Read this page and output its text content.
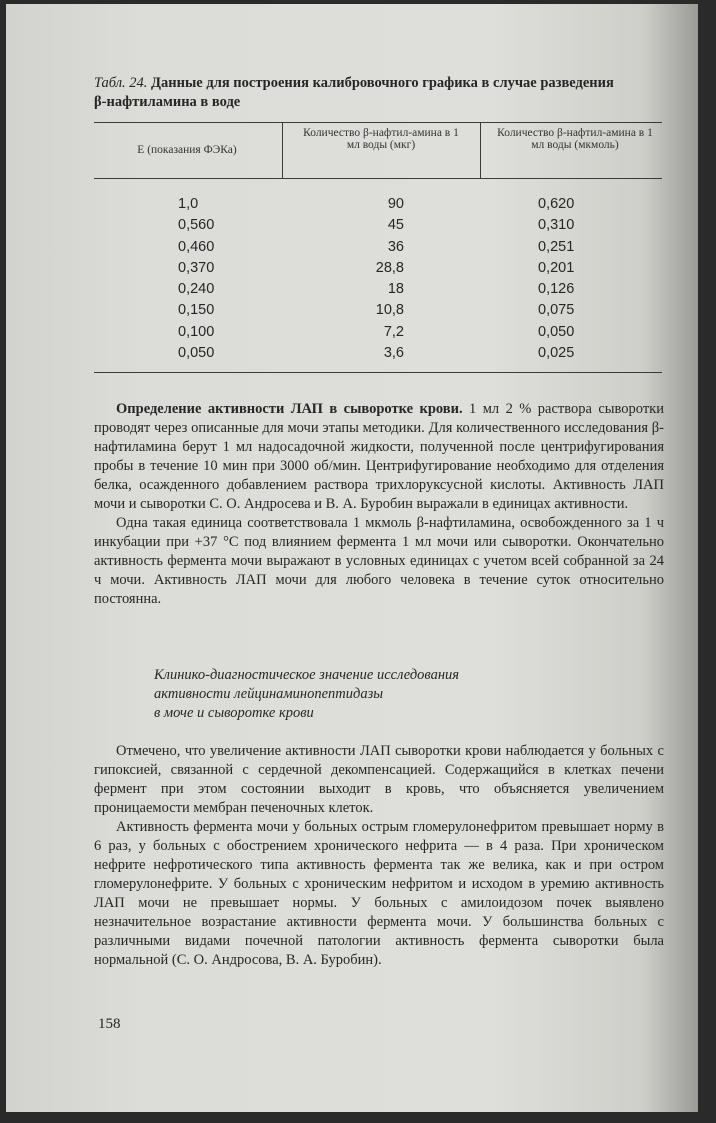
Табл. 24. Данные для построения калибровочного графика в случае разведения β-нафтиламина в воде
Е (показания ФЭКа)
Количество β-нафтил-амина в 1 мл воды (мкг)
Количество β-нафтил-амина в 1 мл воды (мкмоль)
1,0
0,560
0,460
0,370
0,240
0,150
0,100
0,050
90
45
36
28,8
18
10,8
7,2
3,6
0,620
0,310
0,251
0,201
0,126
0,075
0,050
0,025

Определение активности ЛАП в сыворотке крови. 1 мл 2 % раствора сыворотки проводят через описанные для мочи этапы методики. Для количественного исследования β-нафтиламина берут 1 мл надосадочной жидкости, полученной после центрифугирования пробы в течение 10 мин при 3000 об/мин. Центрифугирование необходимо для отделения белка, осажденного добавлением раствора трихлоруксусной кислоты. Активность ЛАП мочи и сыворотки С. О. Андросева и В. А. Буробин выражали в единицах активности.

Одна такая единица соответствовала 1 мкмоль β-нафтиламина, освобожденного за 1 ч инкубации при +37 °С под влиянием фермента 1 мл мочи или сыворотки. Окончательно активность фермента мочи выражают в условных единицах с учетом всей собранной за 24 ч мочи. Активность ЛАП мочи для любого человека в течение суток относительно постоянна.

Клинико-диагностическое значение исследования
активности лейцинаминопептидазы
в моче и сыворотке крови

Отмечено, что увеличение активности ЛАП сыворотки крови наблюдается у больных с гипоксией, связанной с сердечной декомпенсацией. Содержащийся в клетках печени фермент при этом состоянии выходит в кровь, что объясняется увеличением проницаемости мембран печеночных клеток.

Активность фермента мочи у больных острым гломерулонефритом превышает норму в 6 раз, у больных с обострением хронического нефрита — в 4 раза. При хроническом нефрите нефротического типа активность фермента так же велика, как и при остром гломерулонефрите. У больных с хроническим нефритом и исходом в уремию активность ЛАП мочи не превышает нормы. У больных с амилоидозом почек выявлено незначительное возрастание активности фермента мочи. У большинства больных с различными видами почечной патологии активность фермента сыворотки была нормальной (С. О. Андросова, В. А. Буробин).

158
